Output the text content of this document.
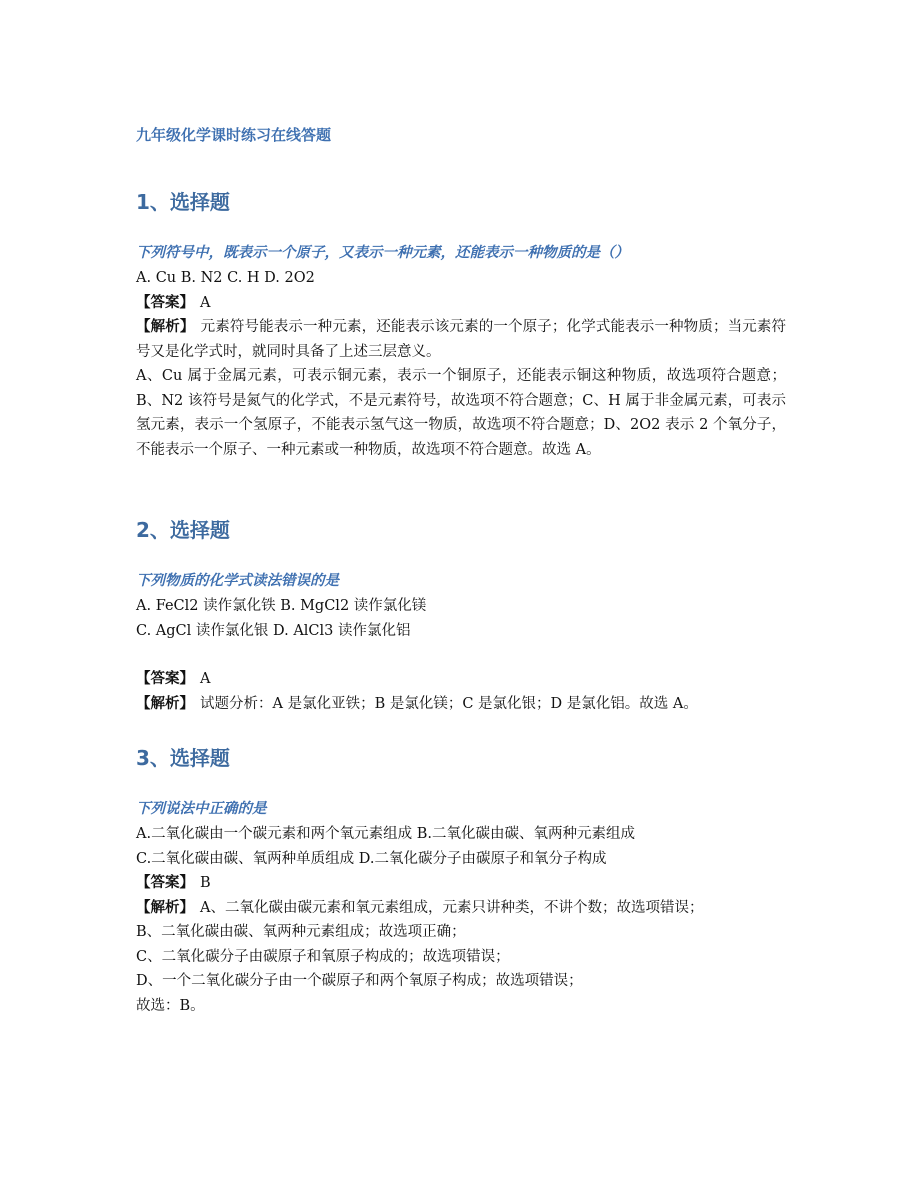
九年级化学课时练习在线答题
1、选择题
下列符号中，既表示一个原子，又表示一种元素，还能表示一种物质的是（）
A. Cu B. N2 C. H D. 2O2
【答案】 A
【解析】 元素符号能表示一种元素，还能表示该元素的一个原子；化学式能表示一种物质；当元素符号又是化学式时，就同时具备了上述三层意义。
A、Cu 属于金属元素，可表示铜元素，表示一个铜原子，还能表示铜这种物质，故选项符合题意；B、N2 该符号是氮气的化学式，不是元素符号，故选项不符合题意；C、H 属于非金属元素，可表示氢元素，表示一个氢原子，不能表示氢气这一物质，故选项不符合题意；D、2O2 表示 2 个氧分子，不能表示一个原子、一种元素或一种物质，故选项不符合题意。故选 A。
2、选择题
下列物质的化学式读法错误的是
A. FeCl2 读作氯化铁 B. MgCl2 读作氯化镁
C. AgCl 读作氯化银 D. AlCl3 读作氯化铝
【答案】 A
【解析】 试题分析：A 是氯化亚铁；B 是氯化镁；C 是氯化银；D 是氯化铝。故选 A。
3、选择题
下列说法中正确的是
A.二氧化碳由一个碳元素和两个氧元素组成 B.二氧化碳由碳、氧两种元素组成
C.二氧化碳由碳、氧两种单质组成 D.二氧化碳分子由碳原子和氧分子构成
【答案】 B
【解析】 A、二氧化碳由碳元素和氧元素组成，元素只讲种类，不讲个数；故选项错误；
B、二氧化碳由碳、氧两种元素组成；故选项正确；
C、二氧化碳分子由碳原子和氧原子构成的；故选项错误；
D、一个二氧化碳分子由一个碳原子和两个氧原子构成；故选项错误；
故选：B。
